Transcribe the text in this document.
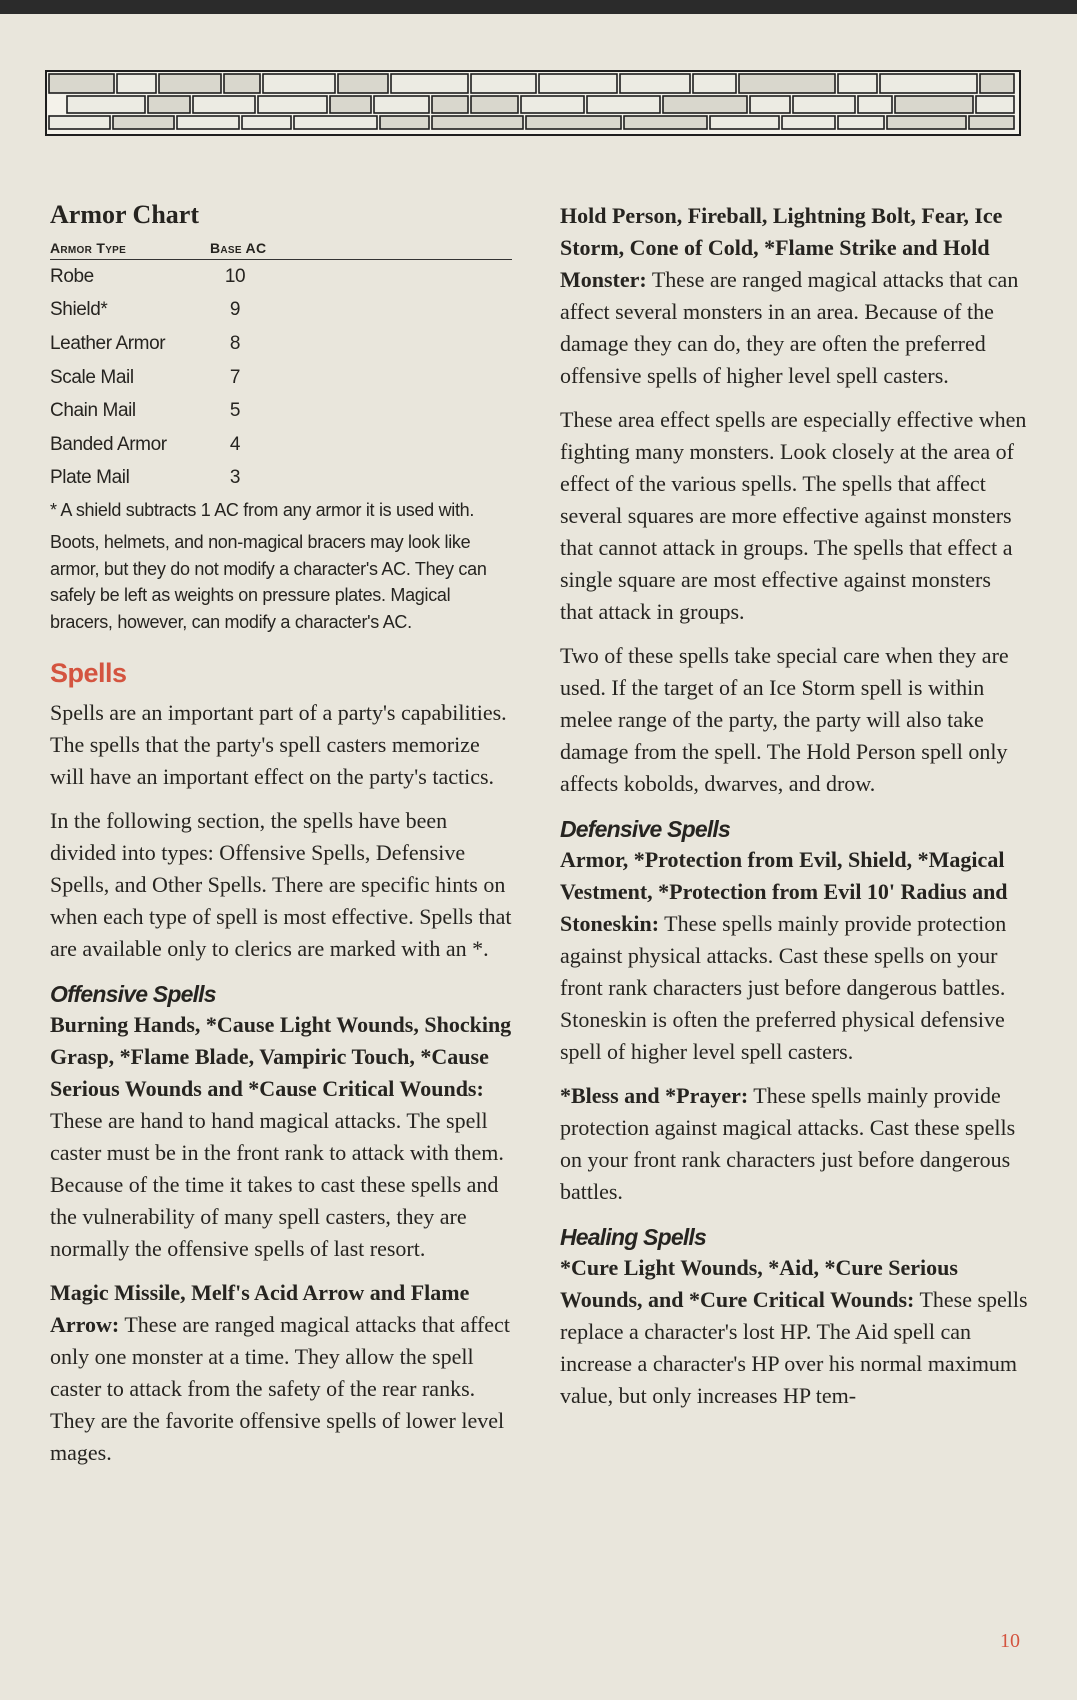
Armor Chart
Armor Type	Base AC
Robe	10
Shield*	9
Leather Armor	8
Scale Mail	7
Chain Mail	5
Banded Armor	4
Plate Mail	3
* A shield subtracts 1 AC from any armor it is used with.
Boots, helmets, and non-magical bracers may look like armor, but they do not modify a character's AC. They can safely be left as weights on pressure plates. Magical bracers, however, can modify a character's AC.
Spells

Spells are an important part of a party's capabilities. The spells that the party's spell casters memorize will have an important effect on the party's tactics.

In the following section, the spells have been divided into types: Offensive Spells, Defensive Spells, and Other Spells. There are specific hints on when each type of spell is most effective. Spells that are available only to clerics are marked with an *.

Offensive Spells

Burning Hands, *Cause Light Wounds, Shocking Grasp, *Flame Blade, Vampiric Touch, *Cause Serious Wounds and *Cause Critical Wounds: These are hand to hand magical attacks. The spell caster must be in the front rank to attack with them. Because of the time it takes to cast these spells and the vulnerability of many spell casters, they are normally the offensive spells of last resort.

Magic Missile, Melf's Acid Arrow and Flame Arrow: These are ranged magical attacks that affect only one monster at a time. They allow the spell caster to attack from the safety of the rear ranks. They are the favorite offensive spells of lower level mages.

Hold Person, Fireball, Lightning Bolt, Fear, Ice Storm, Cone of Cold, *Flame Strike and Hold Monster: These are ranged magical attacks that can affect several monsters in an area. Because of the damage they can do, they are often the preferred offensive spells of higher level spell casters.

These area effect spells are especially effective when fighting many monsters. Look closely at the area of effect of the various spells. The spells that affect several squares are more effective against monsters that cannot attack in groups. The spells that effect a single square are most effective against monsters that attack in groups.

Two of these spells take special care when they are used. If the target of an Ice Storm spell is within melee range of the party, the party will also take damage from the spell. The Hold Person spell only affects kobolds, dwarves, and drow.

Defensive Spells

Armor, *Protection from Evil, Shield, *Magical Vestment, *Protection from Evil 10' Radius and Stoneskin: These spells mainly provide protection against physical attacks. Cast these spells on your front rank characters just before dangerous battles. Stoneskin is often the preferred physical defensive spell of higher level spell casters.

*Bless and *Prayer: These spells mainly provide protection against magical attacks. Cast these spells on your front rank characters just before dangerous battles.

Healing Spells

*Cure Light Wounds, *Aid, *Cure Serious Wounds, and *Cure Critical Wounds: These spells replace a character's lost HP. The Aid spell can increase a character's HP over his normal maximum value, but only increases HP tem-

10
